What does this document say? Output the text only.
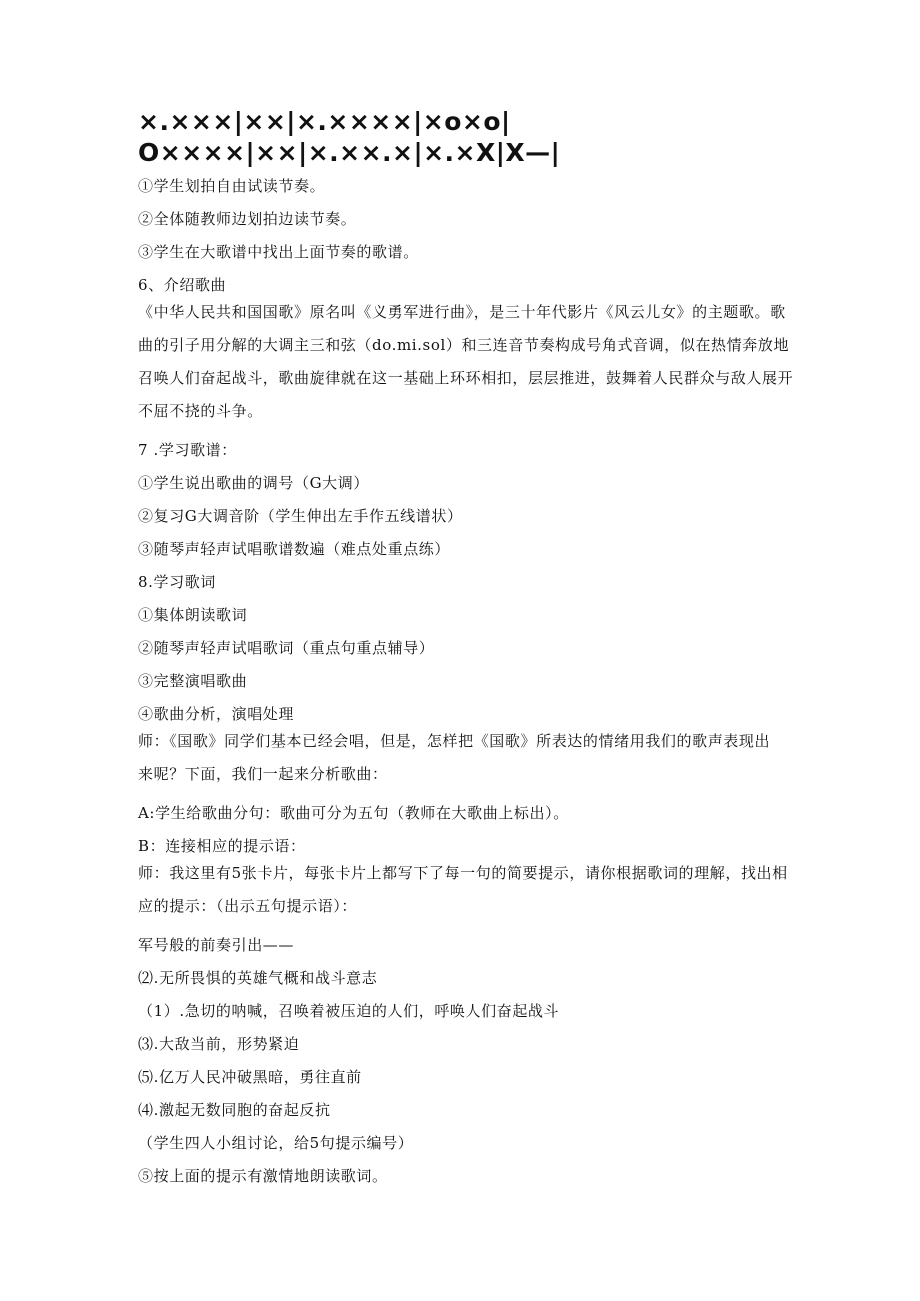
×.×××|××|×.××××|×o×o|
O××××|××|×.××.×|×.×X|X—|
①学生划拍自由试读节奏。
②全体随教师边划拍边读节奏。
③学生在大歌谱中找出上面节奏的歌谱。
6、介绍歌曲
《中华人民共和国国歌》原名叫《义勇军进行曲》，是三十年代影片《风云儿女》的主题歌。歌
曲的引子用分解的大调主三和弦（do.mi.sol）和三连音节奏构成号角式音调，似在热情奔放地
召唤人们奋起战斗，歌曲旋律就在这一基础上环环相扣，层层推进，鼓舞着人民群众与敌人展开
不屈不挠的斗争。
7 .学习歌谱：
①学生说出歌曲的调号（G大调）
②复习G大调音阶（学生伸出左手作五线谱状）
③随琴声轻声试唱歌谱数遍（难点处重点练）
8.学习歌词
①集体朗读歌词
②随琴声轻声试唱歌词（重点句重点辅导）
③完整演唱歌曲
④歌曲分析，演唱处理
师：《国歌》同学们基本已经会唱，但是，怎样把《国歌》所表达的情绪用我们的歌声表现出
来呢？下面，我们一起来分析歌曲：
A:学生给歌曲分句：歌曲可分为五句（教师在大歌曲上标出）。
B：连接相应的提示语：
师：我这里有5张卡片，每张卡片上都写下了每一句的简要提示，请你根据歌词的理解，找出相
应的提示：（出示五句提示语）：
军号般的前奏引出——
⑵.无所畏惧的英雄气概和战斗意志
（1）.急切的呐喊，召唤着被压迫的人们，呼唤人们奋起战斗
⑶.大敌当前，形势紧迫
⑸.亿万人民冲破黑暗，勇往直前
⑷.激起无数同胞的奋起反抗
（学生四人小组讨论，给5句提示编号）
⑤按上面的提示有激情地朗读歌词。
